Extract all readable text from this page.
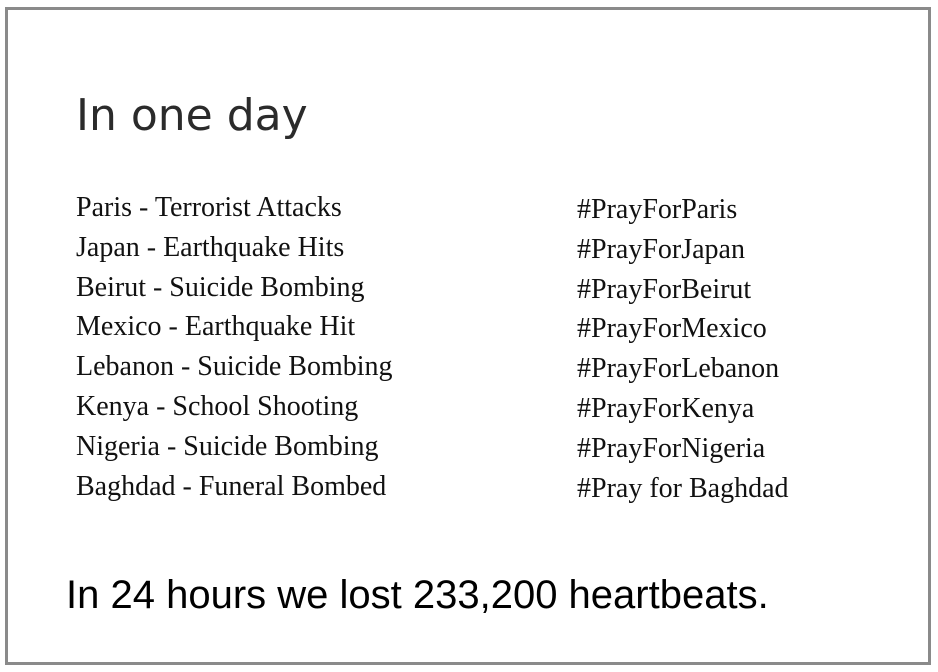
In one day
Paris - Terrorist Attacks
Japan - Earthquake Hits
Beirut - Suicide Bombing
Mexico - Earthquake Hit
Lebanon - Suicide Bombing
Kenya - School Shooting
Nigeria - Suicide Bombing
Baghdad - Funeral Bombed
#PrayForParis
#PrayForJapan
#PrayForBeirut
#PrayForMexico
#PrayForLebanon
#PrayForKenya
#PrayForNigeria
#Pray for Baghdad
In 24 hours we lost 233,200 heartbeats.
